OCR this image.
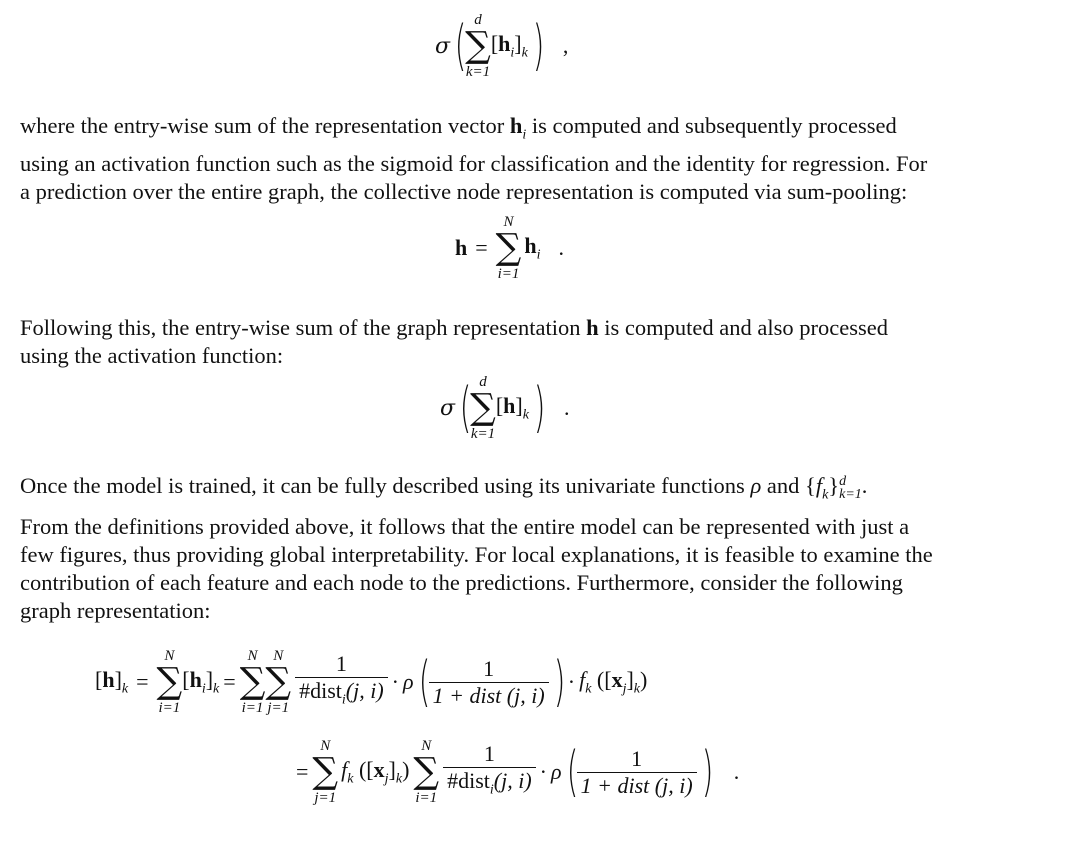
σ ( d
∑
k=1
$[h_i]_k$ ) ,
where the entry-wise sum of the representation vector $h_i$ is computed and subsequently processed
using an activation function such as the sigmoid for classification and the identity for regression. For
a prediction over the entire graph, the collective node representation is computed via sum-pooling:
h =
N
∑
i=1
$h_i$ .
Following this, the entry-wise sum of the graph representation h is computed and also processed
using the activation function:
σ ( d
∑
k=1
$[h]_k$ ) .
Once the model is trained, it can be fully described using its univariate functions ρ and $\{f_k\}$ d
k=1 .
From the definitions provided above, it follows that the entire model can be represented with just a
few figures, thus providing global interpretability. For local explanations, it is feasible to examine the
contribution of each feature and each node to the predictions. Furthermore, consider the following
graph representation:
$[h]_k$ =
N
∑
i=1
$[h_i]_k$ =
N
∑
i=1
N
∑
$j=1 \frac{1}{\#dist_i(j, i)} \cdot \rho$ (
$\frac{1}{\text{1 + dist (j, i)}}$ ) · $f_k$ $([x_j]_k)$
=
N
∑
j=1
$f_k$ $([x_j]_k)$
N
∑
$i=1 \frac{1}{\#dist_i(j, i)} \cdot \rho$ (
$\frac{1}{\text{1 + dist (j, i)}}$ ) .
